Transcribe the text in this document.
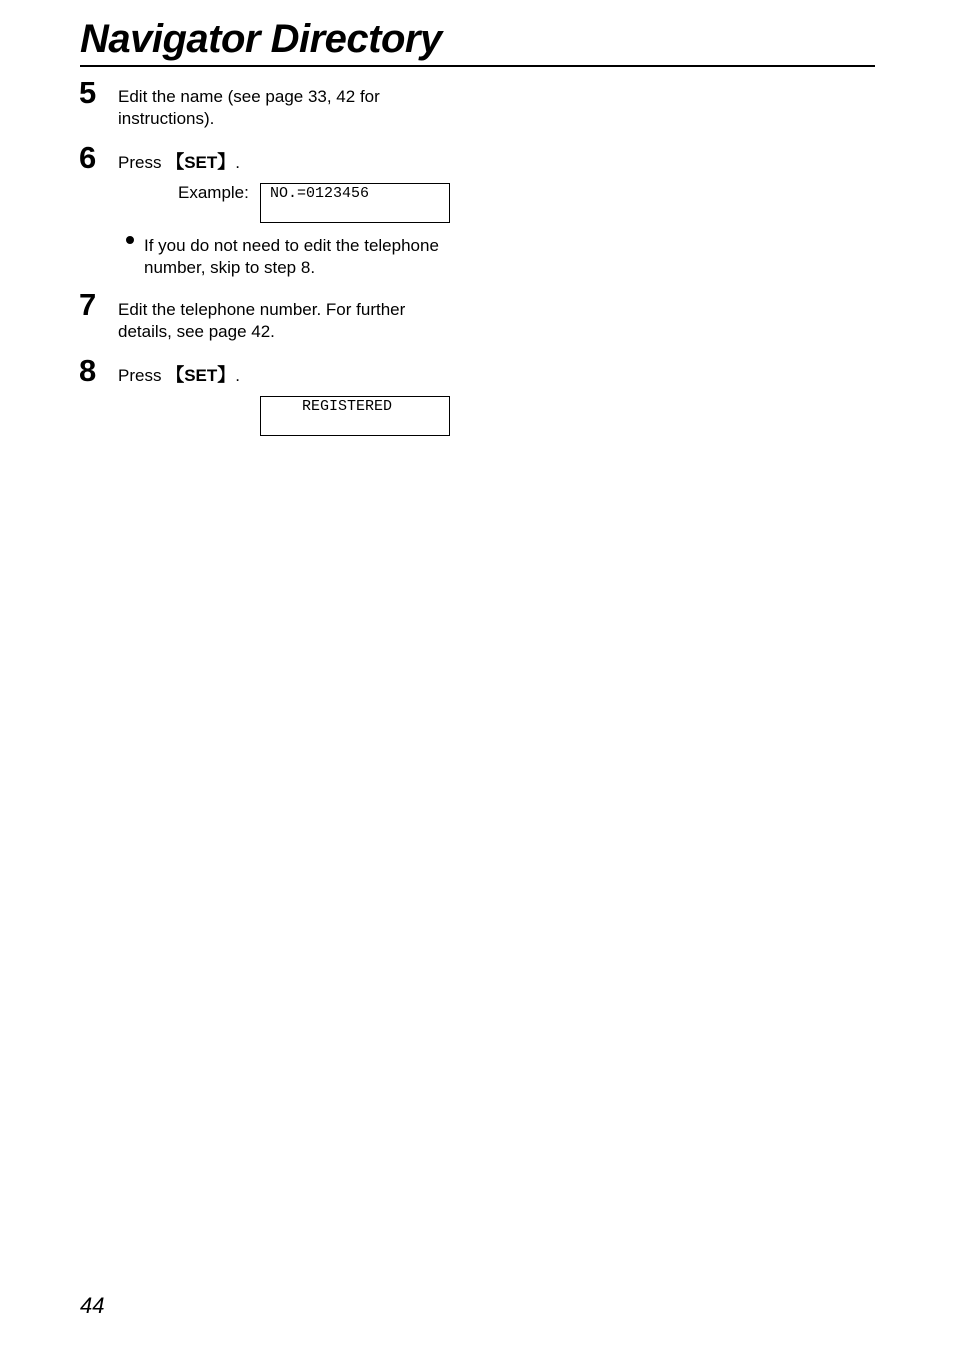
Navigator Directory
5 Edit the name (see page 33, 42 for
instructions).
6 Press 【SET】.
Example: NO.=0123456
If you do not need to edit the telephone
number, skip to step 8.
7 Edit the telephone number. For further
details, see page 42.
8 Press 【SET】.
REGISTERED
44
